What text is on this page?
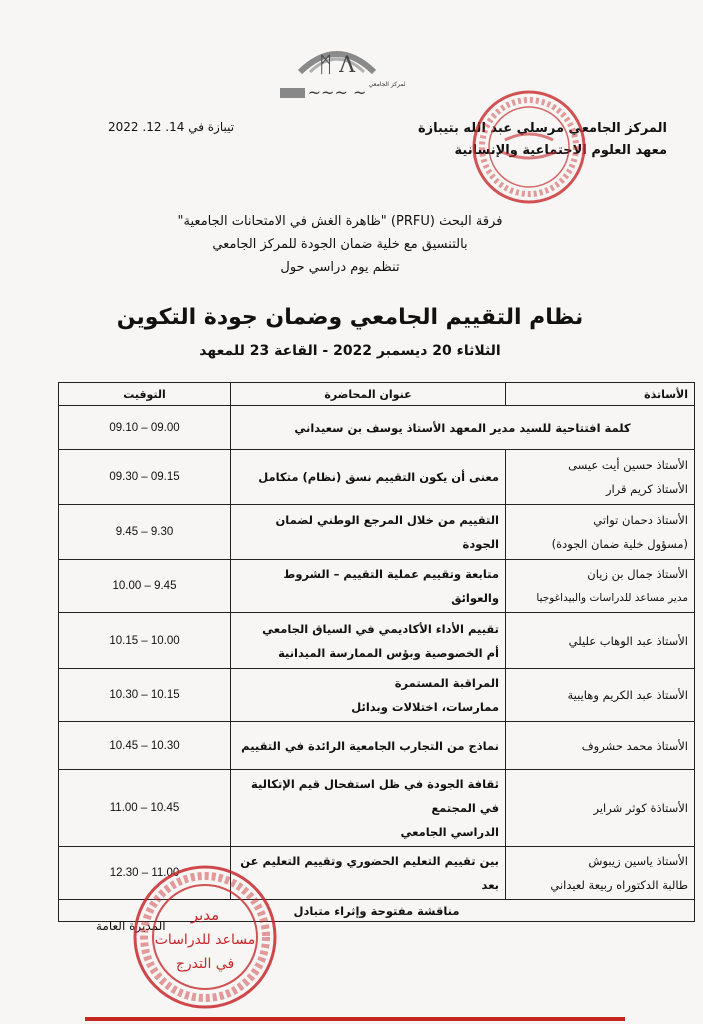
ᛗ Λ
~~~ ~ المركز الجامعي
المركز الجامعي مرسلي عبد الله بتيبازة
معهد العلوم الاجتماعية والإنسانية
تيبازة في 14. 12. 2022
فرقة البحث (PRFU) "ظاهرة الغش في الامتحانات الجامعية"
بالتنسيق مع خلية ضمان الجودة للمركز الجامعي
تنظم يوم دراسي حول
نظام التقييم الجامعي وضمان جودة التكوين
الثلاثاء 20 ديسمبر 2022 - القاعة 23 للمعهد
الأساتذة	عنوان المحاضرة	التوقيت
كلمة افتتاحية للسيد مدير المعهد الأستاذ يوسف بن سعيداني		09.10 – 09.00

الأستاذ حسين أيت عيسى
الأستاذ كريم قرار	معنى أن يكون التقييم نسق (نظام) متكامل	09.30 – 09.15

الأستاذ دحمان تواتي
(مسؤول خلية ضمان الجودة)	التقييم من خلال المرجع الوطني لضمان الجودة	9.45 – 9.30

الأستاذ جمال بن زيان
مدير مساعد للدراسات والبيداغوجيا	متابعة وتقييم عملية التقييم – الشروط والعوائق	10.00 – 9.45

الأستاذ عبد الوهاب عليلي	تقييم الأداء الأكاديمي في السياق الجامعي
أم الخصوصية وبؤس الممارسة الميدانية	10.15 – 10.00

الأستاذ عبد الكريم وهايبية	المراقبة المستمرة
ممارسات، اختلالات وبدائل	10.30 – 10.15

الأستاذ محمد حشروف	نماذج من التجارب الجامعية الرائدة في التقييم	10.45 – 10.30

الأستاذة كوثر شراير	ثقافة الجودة في ظل استفحال قيم الإتكالية في المجتمع
الدراسي الجامعي	11.00 – 10.45

الأستاذ ياسين زيبوش
طالبة الدكتوراه ربيعة لعيداني	بين تقييم التعليم الحضوري وتقييم التعليم عن بعد	12.30 – 11.00
مناقشة مفتوحة وإثراء متبادل		
المديرة العامة
مدير
مساعد للدراسات
في التدرج
